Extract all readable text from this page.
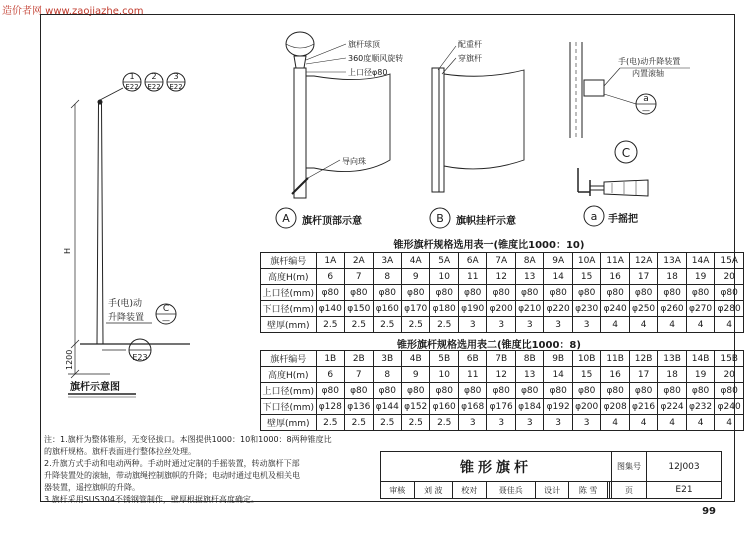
造价者网 www.zaojiazhe.com
1
E22
2
E22
3
E22
H
1200
手(电)动
升降装置
C
—
E23
旗杆示意图
A
旗杆球顶
360度顺风旋转
上口径φ80
导向珠
旗杆顶部示意	B
配重杆
穿旗杆
旗帜挂杆示意
a
—
C
手(电)动升降装置
内置滚轴
a 手摇把
锥形旗杆规格选用表一(锥度比1000：10)
旗杆编号	1A	2A	3A	4A	5A	6A	7A	8A	9A	10A	11A	12A	13A	14A	15A
高度H(m)	6	7	8	9	10	11	12	13	14	15	16	17	18	19	20
上口径(mm)	φ80	φ80	φ80	φ80	φ80	φ80	φ80	φ80	φ80	φ80	φ80	φ80	φ80	φ80	φ80
下口径(mm)	φ140	φ150	φ160	φ170	φ180	φ190	φ200	φ210	φ220	φ230	φ240	φ250	φ260	φ270	φ280
壁厚(mm)	2.5	2.5	2.5	2.5	2.5	3	3	3	3	3	4	4	4	4	4
锥形旗杆规格选用表二(锥度比1000：8)
旗杆编号	1B	2B	3B	4B	5B	6B	7B	8B	9B	10B	11B	12B	13B	14B	15B
高度H(m)	6	7	8	9	10	11	12	13	14	15	16	17	18	19	20
上口径(mm)	φ80	φ80	φ80	φ80	φ80	φ80	φ80	φ80	φ80	φ80	φ80	φ80	φ80	φ80	φ80
下口径(mm)	φ128	φ136	φ144	φ152	φ160	φ168	φ176	φ184	φ192	φ200	φ208	φ216	φ224	φ232	φ240
壁厚(mm)	2.5	2.5	2.5	2.5	2.5	3	3	3	3	3	4	4	4	4	4
注：1.旗杆为整体锥形，无变径拔口。本图提供1000：10和1000：8两种锥度比
的旗杆规格。旗杆表面进行整体拉丝处理。
2.升旗方式手动和电动两种。手动时通过定制的手摇装置，转动旗杆下部
升降装置处的滚轴，带动旗绳控制旗帜的升降；电动时通过电机及相关电
器装置，遥控旗帜的升降。
3.旗杆采用SUS304不锈钢管制作，壁厚根据旗杆高度确定。
锥形旗杆								图集号	12J003
审核	刘 波	校对	聂佳兵	设计	陈 雪			页	E21
99
